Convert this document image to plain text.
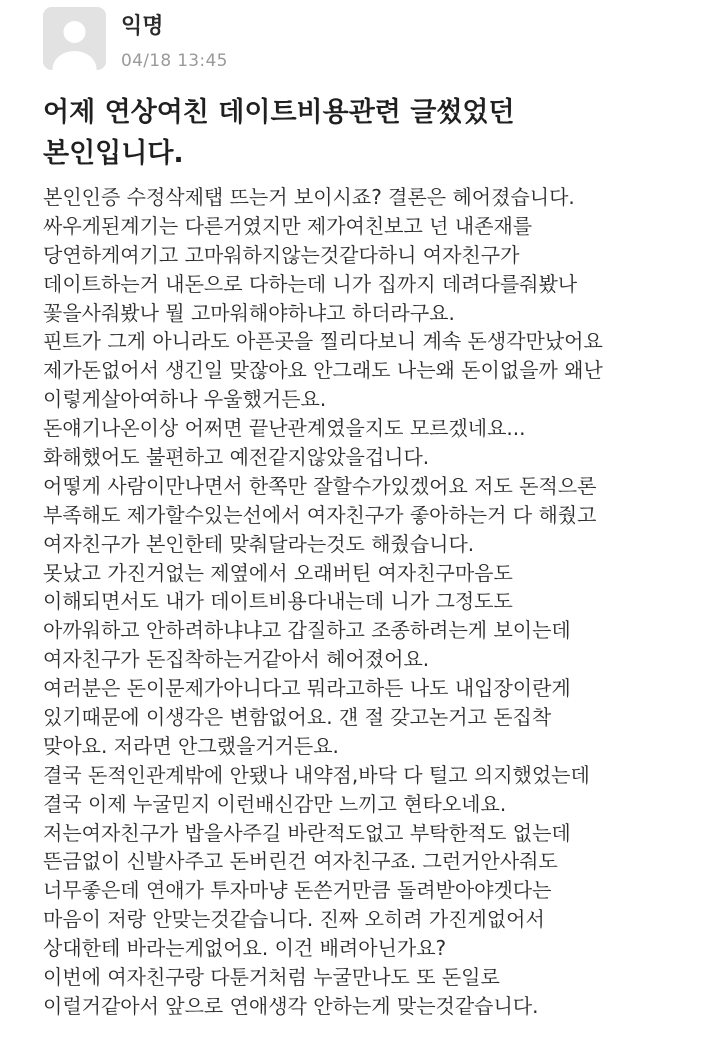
익명
04/18 13:45
어제 연상여친 데이트비용관련 글썼었던
본인입니다.
본인인증 수정삭제탭 뜨는거 보이시죠? 결론은 헤어졌습니다.
싸우게된계기는 다른거였지만 제가여친보고 넌 내존재를
당연하게여기고 고마워하지않는것같다하니 여자친구가
데이트하는거 내돈으로 다하는데 니가 집까지 데려다를줘봤나
꽃을사줘봤나 뭘 고마워해야하냐고 하더라구요.
핀트가 그게 아니라도 아픈곳을 찔리다보니 계속 돈생각만났어요
제가돈없어서 생긴일 맞잖아요 안그래도 나는왜 돈이없을까 왜난
이렇게살아여하나 우울했거든요.
돈얘기나온이상 어쩌면 끝난관계였을지도 모르겠네요...
화해했어도 불편하고 예전같지않았을겁니다.
어떻게 사람이만나면서 한쪽만 잘할수가있겠어요 저도 돈적으론
부족해도 제가할수있는선에서 여자친구가 좋아하는거 다 해줬고
여자친구가 본인한테 맞춰달라는것도 해줬습니다.
못났고 가진거없는 제옆에서 오래버틴 여자친구마음도
이해되면서도 내가 데이트비용다내는데 니가 그정도도
아까워하고 안하려하냐냐고 갑질하고 조종하려는게 보이는데
여자친구가 돈집착하는거같아서 헤어졌어요.
여러분은 돈이문제가아니다고 뭐라고하든 나도 내입장이란게
있기때문에 이생각은 변함없어요. 걘 절 갖고논거고 돈집착
맞아요. 저라면 안그랬을거거든요.
결국 돈적인관계밖에 안됐나 내약점,바닥 다 털고 의지했었는데
결국 이제 누굴믿지 이런배신감만 느끼고 현타오네요.
저는여자친구가 밥을사주길 바란적도없고 부탁한적도 없는데
뜬금없이 신발사주고 돈버린건 여자친구죠. 그런거안사줘도
너무좋은데 연애가 투자마냥 돈쓴거만큼 돌려받아야겟다는
마음이 저랑 안맞는것같습니다. 진짜 오히려 가진게없어서
상대한테 바라는게없어요. 이건 배려아닌가요?
이번에 여자친구랑 다툰거처럼 누굴만나도 또 돈일로
이럴거같아서 앞으로 연애생각 안하는게 맞는것같습니다.
